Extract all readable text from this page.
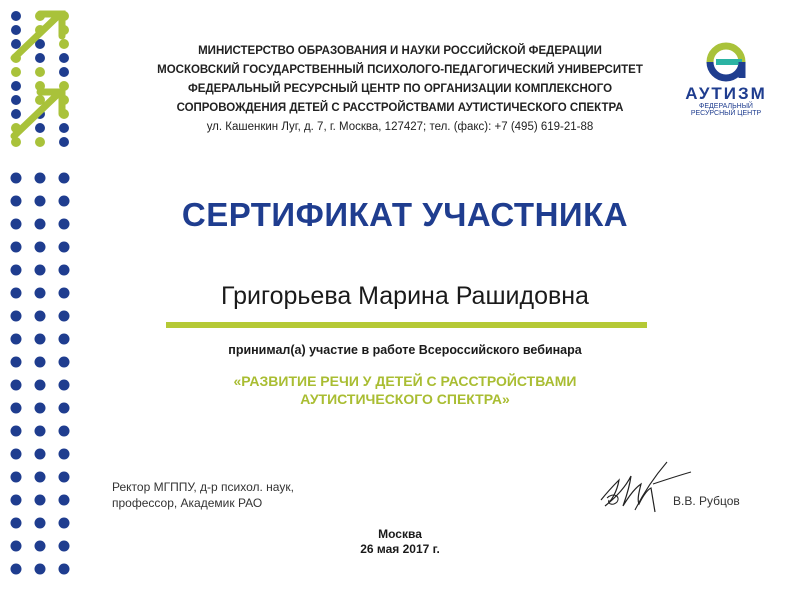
МИНИСТЕРСТВО ОБРАЗОВАНИЯ И НАУКИ РОССИЙСКОЙ ФЕДЕРАЦИИ
МОСКОВСКИЙ ГОСУДАРСТВЕННЫЙ ПСИХОЛОГО-ПЕДАГОГИЧЕСКИЙ УНИВЕРСИТЕТ
ФЕДЕРАЛЬНЫЙ РЕСУРСНЫЙ ЦЕНТР ПО ОРГАНИЗАЦИИ КОМПЛЕКСНОГО
СОПРОВОЖДЕНИЯ ДЕТЕЙ С РАССТРОЙСТВАМИ АУТИСТИЧЕСКОГО СПЕКТРА
ул. Кашенкин Луг, д. 7, г. Москва, 127427; тел. (факс): +7 (495) 619-21-88
АУТИЗМ
ФЕДЕРАЛЬНЫЙ
РЕСУРСНЫЙ ЦЕНТР
СЕРТИФИКАТ УЧАСТНИКА
Григорьева Марина Рашидовна
принимал(а) участие в работе Всероссийского вебинара
«РАЗВИТИЕ РЕЧИ У ДЕТЕЙ С РАССТРОЙСТВАМИ
АУТИСТИЧЕСКОГО СПЕКТРА»
Ректор МГППУ, д-р психол. наук,
профессор, Академик РАО	В.В. Рубцов
Москва
26 мая 2017 г.
